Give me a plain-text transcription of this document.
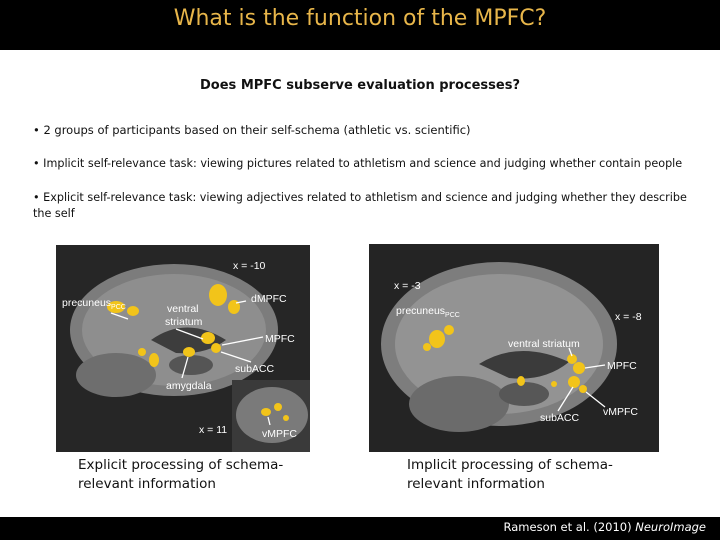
What is the function of the MPFC?
Does MPFC subserve evaluation processes?
• 2 groups of participants based on their self-schema (athletic vs. scientific)
• Implicit self-relevance task: viewing pictures related to athletism and science and judging whether contain people
• Explicit self-relevance task: viewing adjectives related to athletism and science and judging whether they describe the self
x = -10
precuneus$_{PCC}$	ventral
striatum
dMPFC
MPFC
subACC
amygdala
x = 11	vMPFC
x = -3
x = -8
precuneus$_{PCC}$
ventral striatum
MPFC
subACC vMPFC
Explicit processing of schema-relevant information
Implicit processing of schema-relevant information
Rameson et al. (2010) NeuroImage
